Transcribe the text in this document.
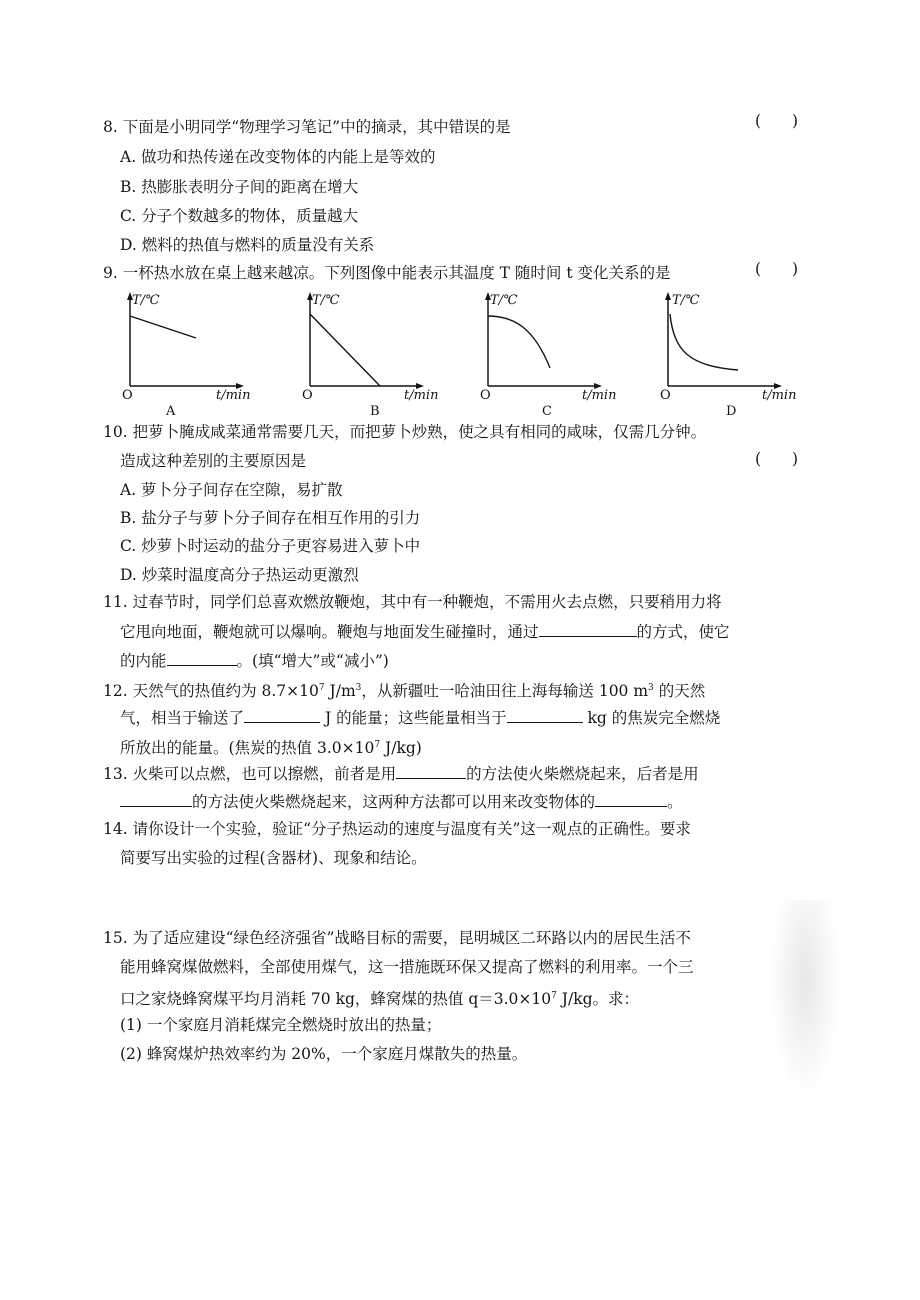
8. 下面是小明同学“物理学习笔记”中的摘录，其中错误的是	(　　)
A. 做功和热传递在改变物体的内能上是等效的
B. 热膨胀表明分子间的距离在增大
C. 分子个数越多的物体，质量越大
D. 燃料的热值与燃料的质量没有关系
9. 一杯热水放在桌上越来越凉。下列图像中能表示其温度 T 随时间 t 变化关系的是	(　　)
T/℃
O	t/min
A
T/℃
O	t/min
B
T/℃
O	t/min
C
T/℃
O	t/min
D
10. 把萝卜腌成咸菜通常需要几天，而把萝卜炒熟，使之具有相同的咸味，仅需几分钟。
造成这种差别的主要原因是	(　　)
A. 萝卜分子间存在空隙，易扩散
B. 盐分子与萝卜分子间存在相互作用的引力
C. 炒萝卜时运动的盐分子更容易进入萝卜中
D. 炒菜时温度高分子热运动更激烈
11. 过春节时，同学们总喜欢燃放鞭炮，其中有一种鞭炮，不需用火去点燃，只要稍用力将
它甩向地面，鞭炮就可以爆响。鞭炮与地面发生碰撞时，通过	的方式，使它
的内能	。(填“增大”或“减小”)
12. 天然气的热值约为 $8.7\times 10^7$ $J/m^3$，从新疆吐一哈油田往上海每输送 100 $m^3$ 的天然
气，相当于输送了	J 的能量；这些能量相当于	kg 的焦炭完全燃烧
所放出的能量。(焦炭的热值 $3.0\times 10^7$ J/kg)
13. 火柴可以点燃，也可以擦燃，前者是用	的方法使火柴燃烧起来，后者是用
的方法使火柴燃烧起来，这两种方法都可以用来改变物体的	。
14. 请你设计一个实验，验证“分子热运动的速度与温度有关”这一观点的正确性。要求
简要写出实验的过程(含器材)、现象和结论。
15. 为了适应建设“绿色经济强省”战略目标的需要，昆明城区二环路以内的居民生活不
能用蜂窝煤做燃料，全部使用煤气，这一措施既环保又提高了燃料的利用率。一个三
口之家烧蜂窝煤平均月消耗 70 kg，蜂窝煤的热值 $q=3.0\times 10^7$ J/kg。求：
(1) 一个家庭月消耗煤完全燃烧时放出的热量；
(2) 蜂窝煤炉热效率约为 20%，一个家庭月煤散失的热量。
